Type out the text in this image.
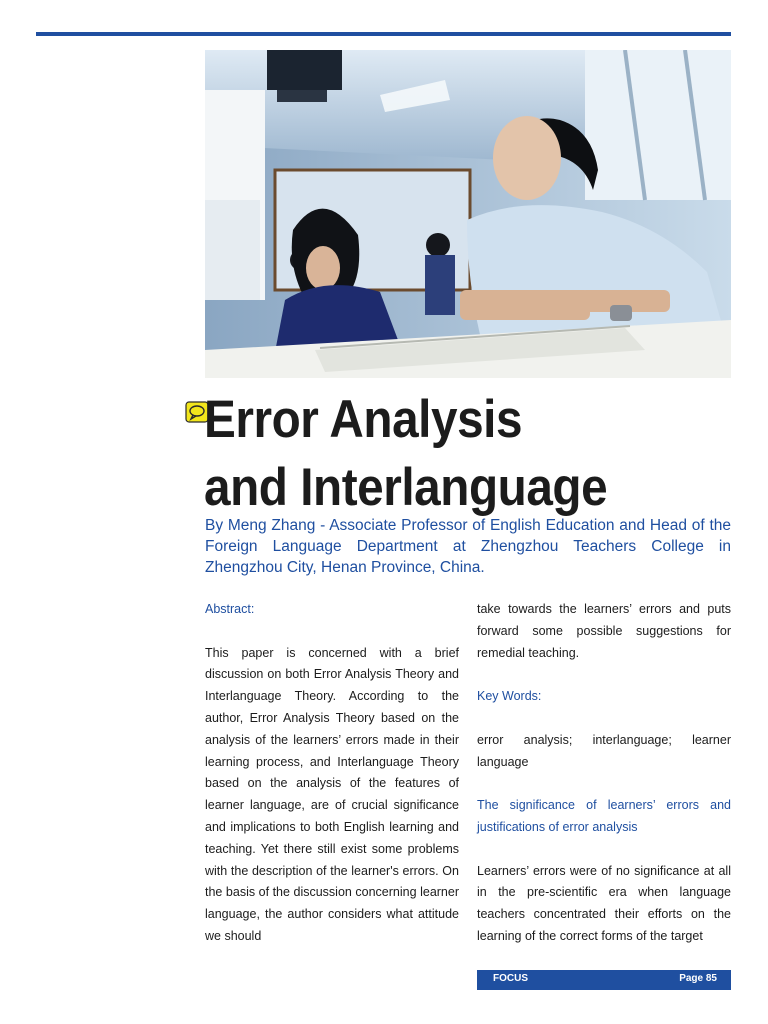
Error Analysis
and Interlanguage

By Meng Zhang - Associate Professor of English Education and Head of the Foreign Language Department at Zhengzhou Teachers College in Zhengzhou City, Henan Province, China.

Abstract:

This paper is concerned with a brief discussion on both Error Analysis Theory and Interlanguage Theory. According to the author, Error Analysis Theory based on the analysis of the learners’ errors made in their learning process, and Interlanguage Theory based on the analysis of the features of learner language, are of crucial significance and implications to both English learning and teaching. Yet there still exist some problems with the description of the learner's errors. On the basis of the discussion concerning learner language, the author considers what attitude we should

take towards the learners’ errors and puts forward some possible suggestions for remedial teaching.

Key Words:

error analysis; interlanguage; learner language

The significance of learners’ errors and justifications of error analysis

Learners’ errors were of no significance at all in the pre-scientific era when language teachers concentrated their efforts on the learning of the correct forms of the target

FOCUS	Page 85
